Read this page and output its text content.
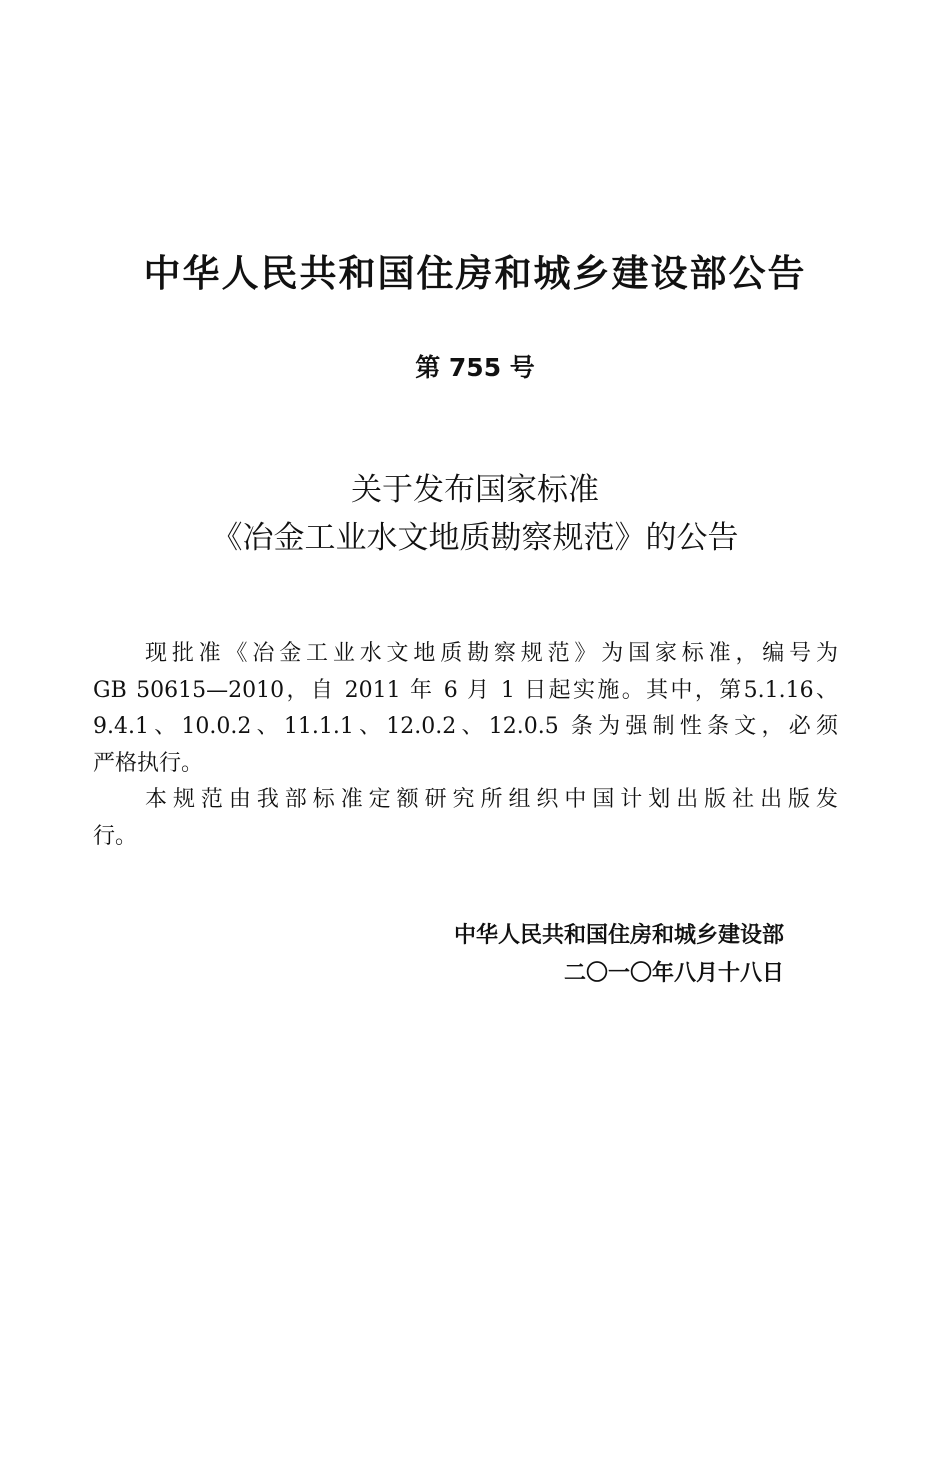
中华人民共和国住房和城乡建设部公告
第 755 号
关于发布国家标准
《冶金工业水文地质勘察规范》的公告
现批准《冶金工业水文地质勘察规范》为国家标准，编号为
GB 50615—2010，自 2011 年 6 月 1 日起实施。其中，第5.1.16、
9.4.1、10.0.2、11.1.1、12.0.2、12.0.5 条为强制性条文，必须
严格执行。
本规范由我部标准定额研究所组织中国计划出版社出版发
行。
中华人民共和国住房和城乡建设部
二〇一〇年八月十八日
